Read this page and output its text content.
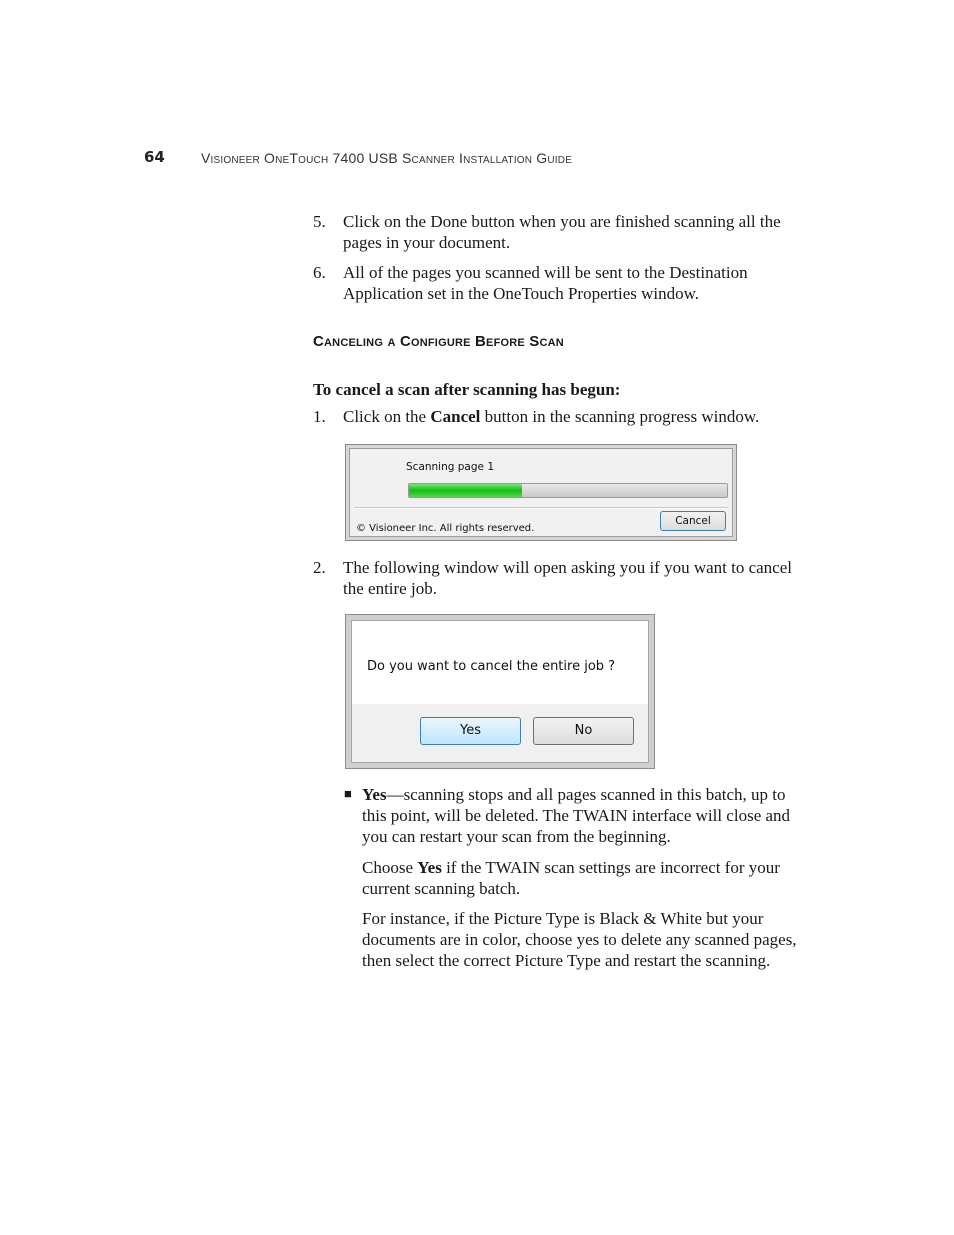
64	Visioneer OneTouch 7400 USB Scanner Installation Guide
5. Click on the Done button when you are finished scanning all the
pages in your document.
6. All of the pages you scanned will be sent to the Destination
Application set in the OneTouch Properties window.
Canceling a Configure Before Scan
To cancel a scan after scanning has begun:
1. Click on the Cancel button in the scanning progress window.
Scanning page 1
© Visioneer Inc. All rights reserved.
Cancel
2. The following window will open asking you if you want to cancel
the entire job.
Do you want to cancel the entire job ?
Yes	No
■ Yes—scanning stops and all pages scanned in this batch, up to
this point, will be deleted. The TWAIN interface will close and
you can restart your scan from the beginning.
Choose Yes if the TWAIN scan settings are incorrect for your
current scanning batch.
For instance, if the Picture Type is Black & White but your
documents are in color, choose yes to delete any scanned pages,
then select the correct Picture Type and restart the scanning.
